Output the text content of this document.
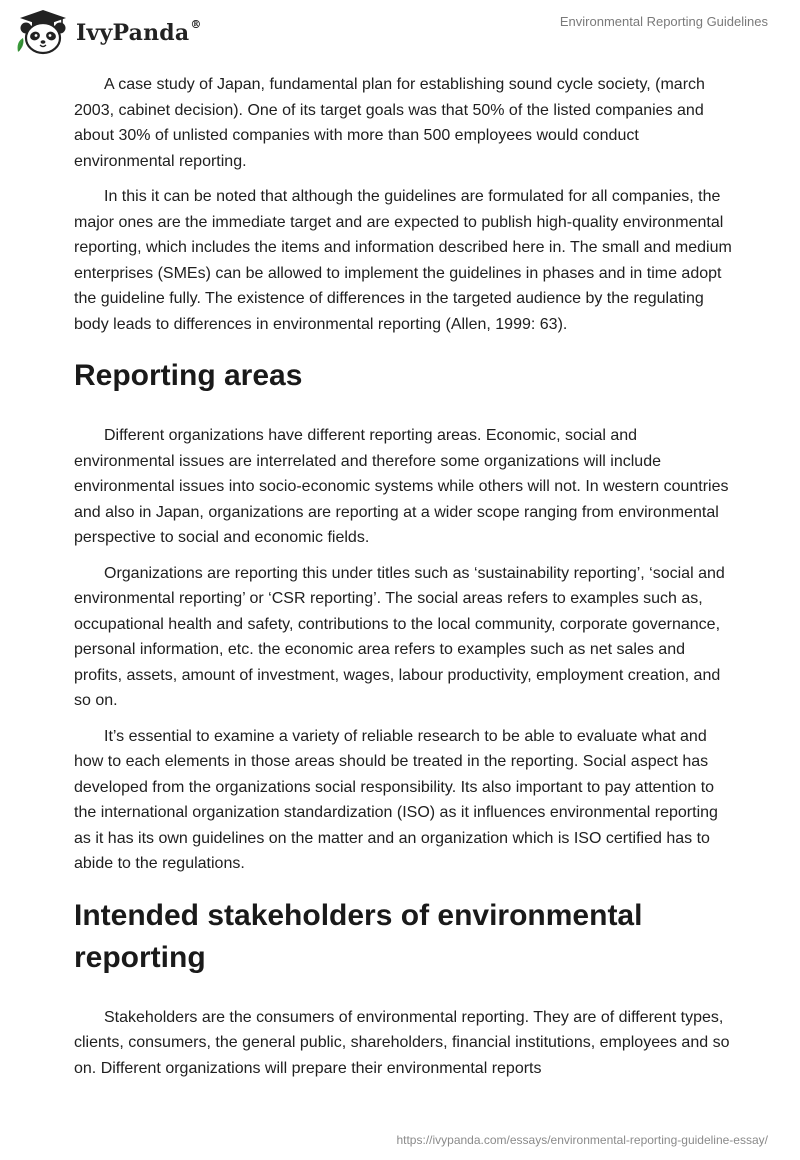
IvyPanda®	Environmental Reporting Guidelines

A case study of Japan, fundamental plan for establishing sound cycle society, (march 2003, cabinet decision). One of its target goals was that 50% of the listed companies and about 30% of unlisted companies with more than 500 employees would conduct environmental reporting.

In this it can be noted that although the guidelines are formulated for all companies, the major ones are the immediate target and are expected to publish high-quality environmental reporting, which includes the items and information described here in. The small and medium enterprises (SMEs) can be allowed to implement the guidelines in phases and in time adopt the guideline fully. The existence of differences in the targeted audience by the regulating body leads to differences in environmental reporting (Allen, 1999: 63).

Reporting areas

Different organizations have different reporting areas. Economic, social and environmental issues are interrelated and therefore some organizations will include environmental issues into socio-economic systems while others will not. In western countries and also in Japan, organizations are reporting at a wider scope ranging from environmental perspective to social and economic fields.

Organizations are reporting this under titles such as ‘sustainability reporting’, ‘social and environmental reporting’ or ‘CSR reporting’. The social areas refers to examples such as, occupational health and safety, contributions to the local community, corporate governance, personal information, etc. the economic area refers to examples such as net sales and profits, assets, amount of investment, wages, labour productivity, employment creation, and so on.

It’s essential to examine a variety of reliable research to be able to evaluate what and how to each elements in those areas should be treated in the reporting. Social aspect has developed from the organizations social responsibility. Its also important to pay attention to the international organization standardization (ISO) as it influences environmental reporting as it has its own guidelines on the matter and an organization which is ISO certified has to abide to the regulations.

Intended stakeholders of environmental reporting

Stakeholders are the consumers of environmental reporting. They are of different types, clients, consumers, the general public, shareholders, financial institutions, employees and so on. Different organizations will prepare their environmental reports

https://ivypanda.com/essays/environmental-reporting-guideline-essay/
